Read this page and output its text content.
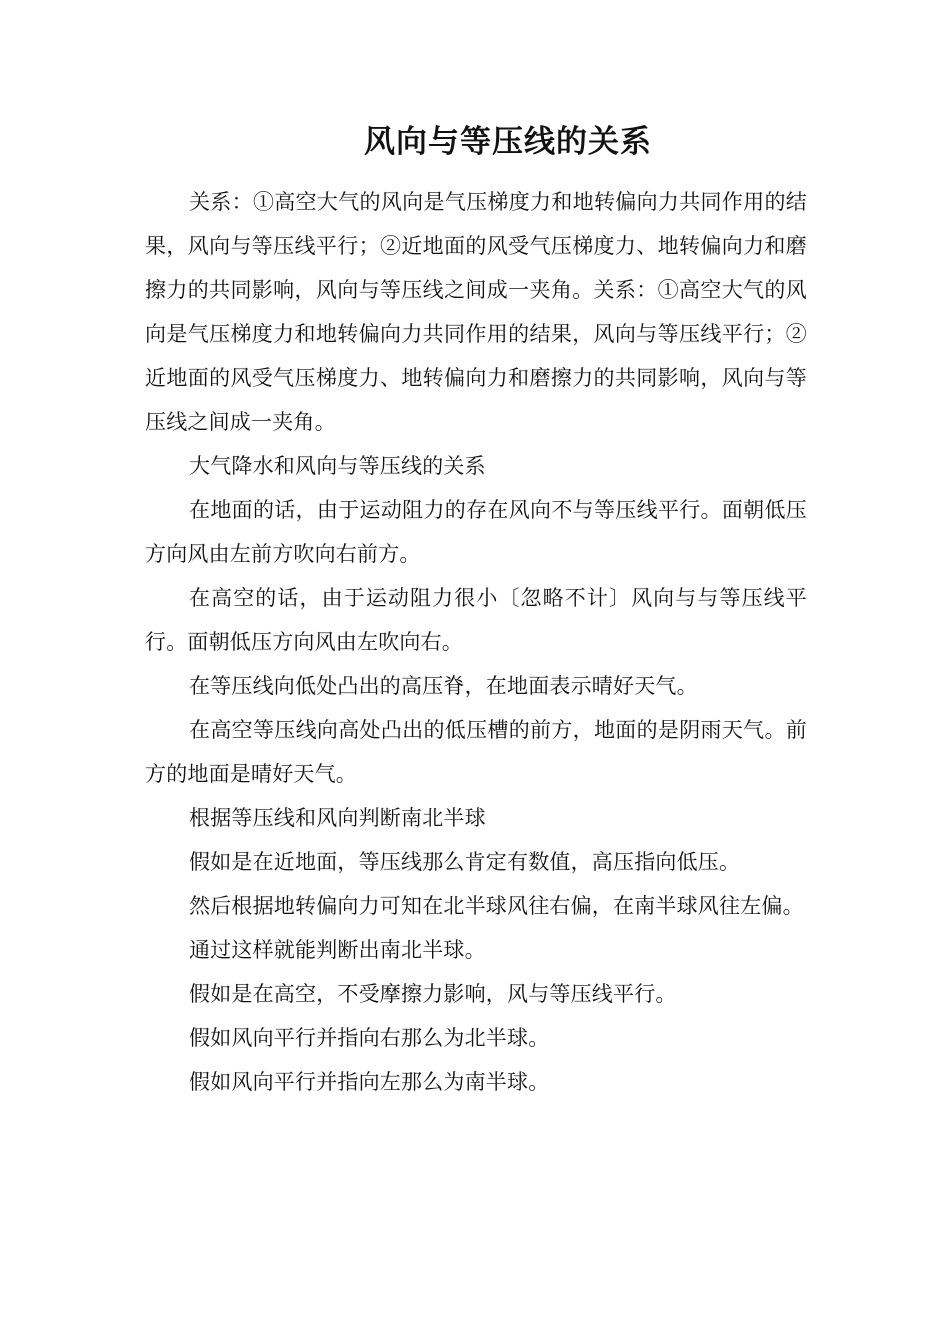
风向与等压线的关系

关系：①高空大气的风向是气压梯度力和地转偏向力共同作用的结果，风向与等压线平行；②近地面的风受气压梯度力、地转偏向力和磨擦力的共同影响，风向与等压线之间成一夹角。关系：①高空大气的风向是气压梯度力和地转偏向力共同作用的结果，风向与等压线平行；②近地面的风受气压梯度力、地转偏向力和磨擦力的共同影响，风向与等压线之间成一夹角。

大气降水和风向与等压线的关系

在地面的话，由于运动阻力的存在风向不与等压线平行。面朝低压方向风由左前方吹向右前方。

在高空的话，由于运动阻力很小〔忽略不计〕风向与与等压线平行。面朝低压方向风由左吹向右。

在等压线向低处凸出的高压脊，在地面表示晴好天气。

在高空等压线向高处凸出的低压槽的前方，地面的是阴雨天气。前方的地面是晴好天气。

根据等压线和风向判断南北半球

假如是在近地面，等压线那么肯定有数值，高压指向低压。

然后根据地转偏向力可知在北半球风往右偏，在南半球风往左偏。

通过这样就能判断出南北半球。

假如是在高空，不受摩擦力影响，风与等压线平行。

假如风向平行并指向右那么为北半球。

假如风向平行并指向左那么为南半球。
